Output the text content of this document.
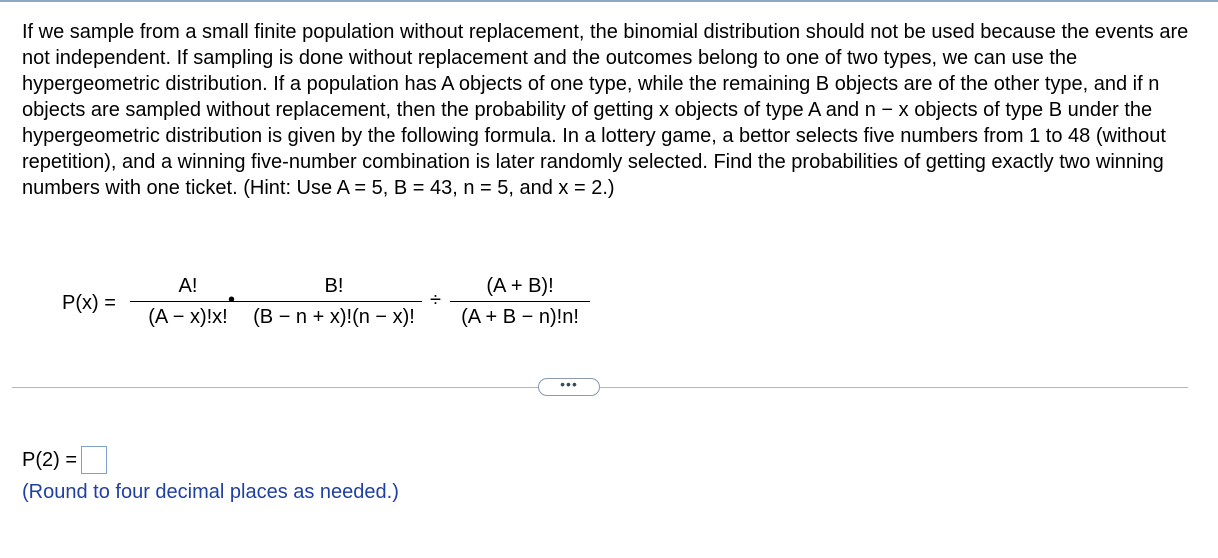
If we sample from a small finite population without replacement, the binomial distribution should not be used because the events are not independent. If sampling is done without replacement and the outcomes belong to one of two types, we can use the hypergeometric distribution. If a population has A objects of one type, while the remaining B objects are of the other type, and if n objects are sampled without replacement, then the probability of getting x objects of type A and n − x objects of type B under the hypergeometric distribution is given by the following formula. In a lottery game, a bettor selects five numbers from 1 to 48 (without repetition), and a winning five-number combination is later randomly selected. Find the probabilities of getting exactly two winning numbers with one ticket. (Hint: Use A = 5, B = 43, n = 5, and x = 2.)
P(x) =
A!
(A − x)!x!
•
B!
(B − n + x)!(n − x)!
÷
(A + B)!
(A + B − n)!n!
•••
P(2) =
(Round to four decimal places as needed.)
